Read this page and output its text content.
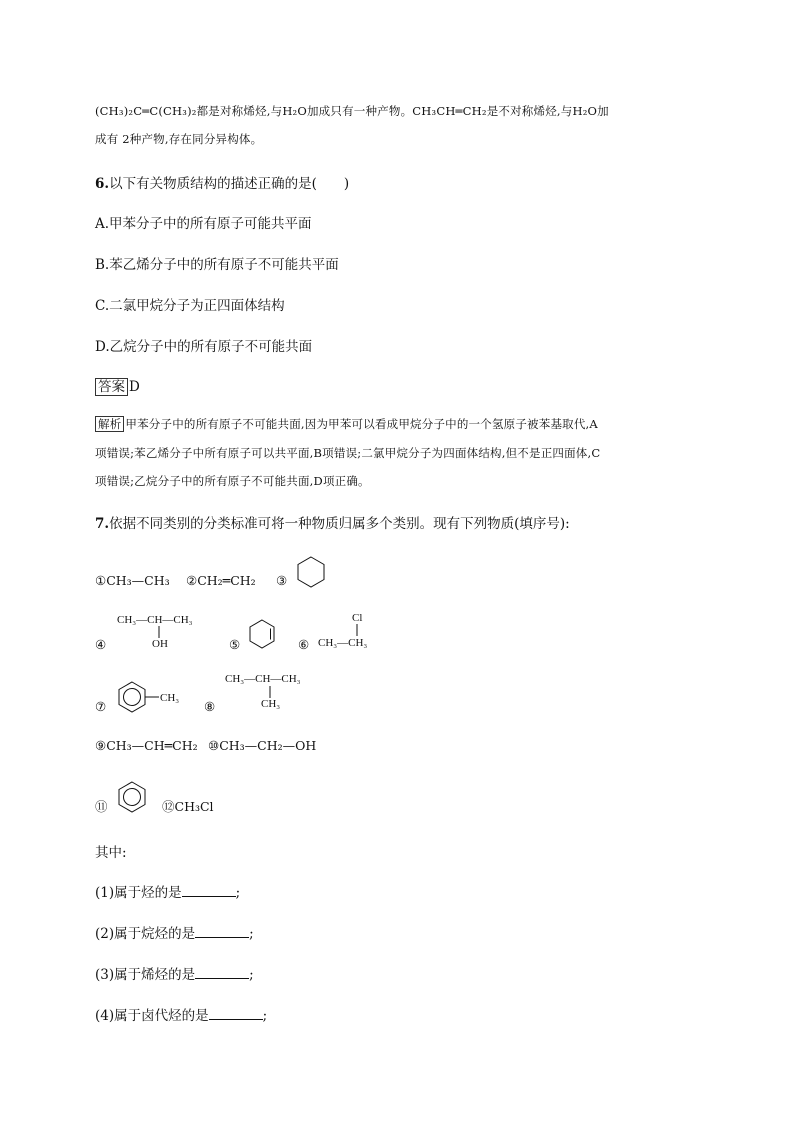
(CH₃)₂C═C(CH₃)₂都是对称烯烃,与H₂O加成只有一种产物。CH₃CH═CH₂是不对称烯烃,与H₂O加
成有 2种产物,存在同分异构体。
6.以下有关物质结构的描述正确的是(　　)
A.甲苯分子中的所有原子可能共平面
B.苯乙烯分子中的所有原子不可能共平面
C.二氯甲烷分子为正四面体结构
D.乙烷分子中的所有原子不可能共面
答案 D
解析 甲苯分子中的所有原子不可能共面,因为甲苯可以看成甲烷分子中的一个氢原子被苯基取代,A
项错误;苯乙烯分子中所有原子可以共平面,B项错误;二氯甲烷分子为四面体结构,但不是正四面体,C
项错误;乙烷分子中的所有原子不可能共面,D项正确。
7.依据不同类别的分类标准可将一种物质归属多个类别。现有下列物质(填序号):
①CH₃—CH₃ ②CH₂═CH₂ ③
④
CH₃—CH—CH₃
OH	⑤	⑥
Cl
CH₃—CH₃
⑦
CH₃
⑧
CH₃—CH—CH₃
CH₃
⑨CH₃—CH═CH₂ ⑩CH₃—CH₂—OH
⑪	⑫CH₃Cl
其中:
(1)属于烃的是	;
(2)属于烷烃的是	;
(3)属于烯烃的是	;
(4)属于卤代烃的是	;
